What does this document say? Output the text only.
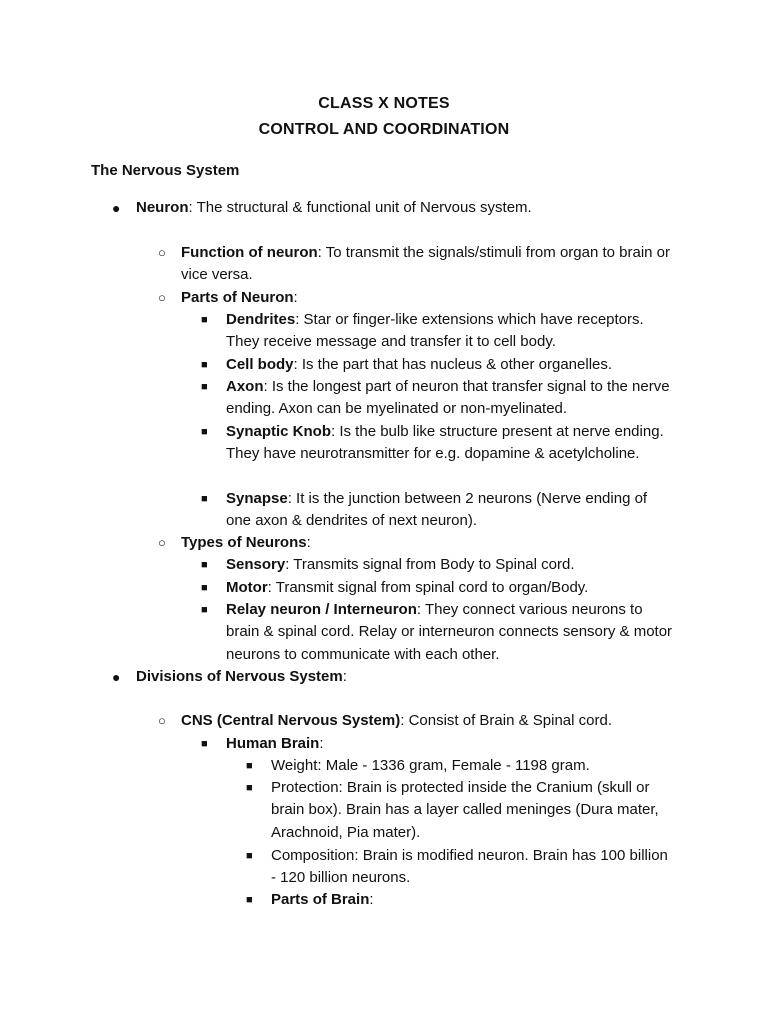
CLASS X NOTES
CONTROL AND COORDINATION
The Nervous System
● Neuron: The structural & functional unit of Nervous system.
○ Function of neuron: To transmit the signals/stimuli from organ to brain or vice versa.
○ Parts of Neuron:
■ Dendrites: Star or finger-like extensions which have receptors. They receive message and transfer it to cell body.
■ Cell body: Is the part that has nucleus & other organelles.
■ Axon: Is the longest part of neuron that transfer signal to the nerve ending. Axon can be myelinated or non-myelinated.
■ Synaptic Knob: Is the bulb like structure present at nerve ending. They have neurotransmitter for e.g. dopamine & acetylcholine.
■ Synapse: It is the junction between 2 neurons (Nerve ending of one axon & dendrites of next neuron).
○ Types of Neurons:
■ Sensory: Transmits signal from Body to Spinal cord.
■ Motor: Transmit signal from spinal cord to organ/Body.
■ Relay neuron / Interneuron: They connect various neurons to brain & spinal cord. Relay or interneuron connects sensory & motor neurons to communicate with each other.
● Divisions of Nervous System:
○ CNS (Central Nervous System): Consist of Brain & Spinal cord.
■ Human Brain:
■ Weight: Male - 1336 gram, Female - 1198 gram.
■ Protection: Brain is protected inside the Cranium (skull or brain box). Brain has a layer called meninges (Dura mater, Arachnoid, Pia mater).
■ Composition: Brain is modified neuron. Brain has 100 billion - 120 billion neurons.
■ Parts of Brain:
